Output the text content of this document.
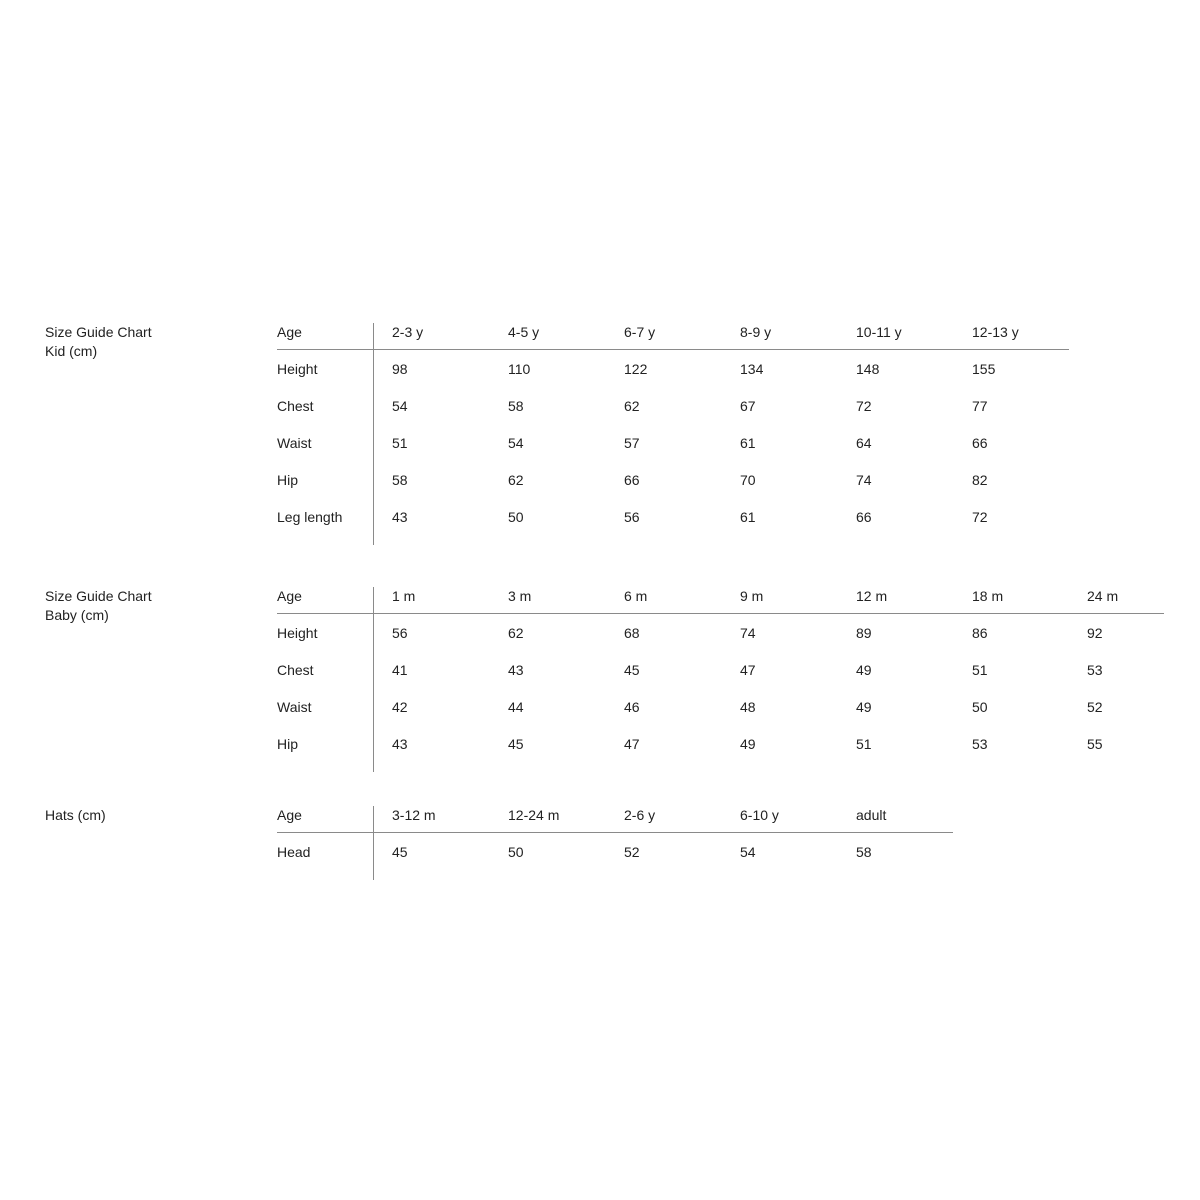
Size Guide Chart
Kid (cm)
Age	2-3 y	4-5 y	6-7 y	8-9 y	10-11 y	12-13 y
Height	98	110	122	134	148	155
Chest	54	58	62	67	72	77
Waist	51	54	57	61	64	66
Hip	58	62	66	70	74	82
Leg length	43	50	56	61	66	72
Size Guide Chart
Baby (cm)
Age	1 m	3 m	6 m	9 m	12 m	18 m	24 m
Height	56	62	68	74	89	86	92
Chest	41	43	45	47	49	51	53
Waist	42	44	46	48	49	50	52
Hip	43	45	47	49	51	53	55
Hats (cm)	Age	3-12 m	12-24 m	2-6 y	6-10 y	adult
Head	45	50	52	54	58
